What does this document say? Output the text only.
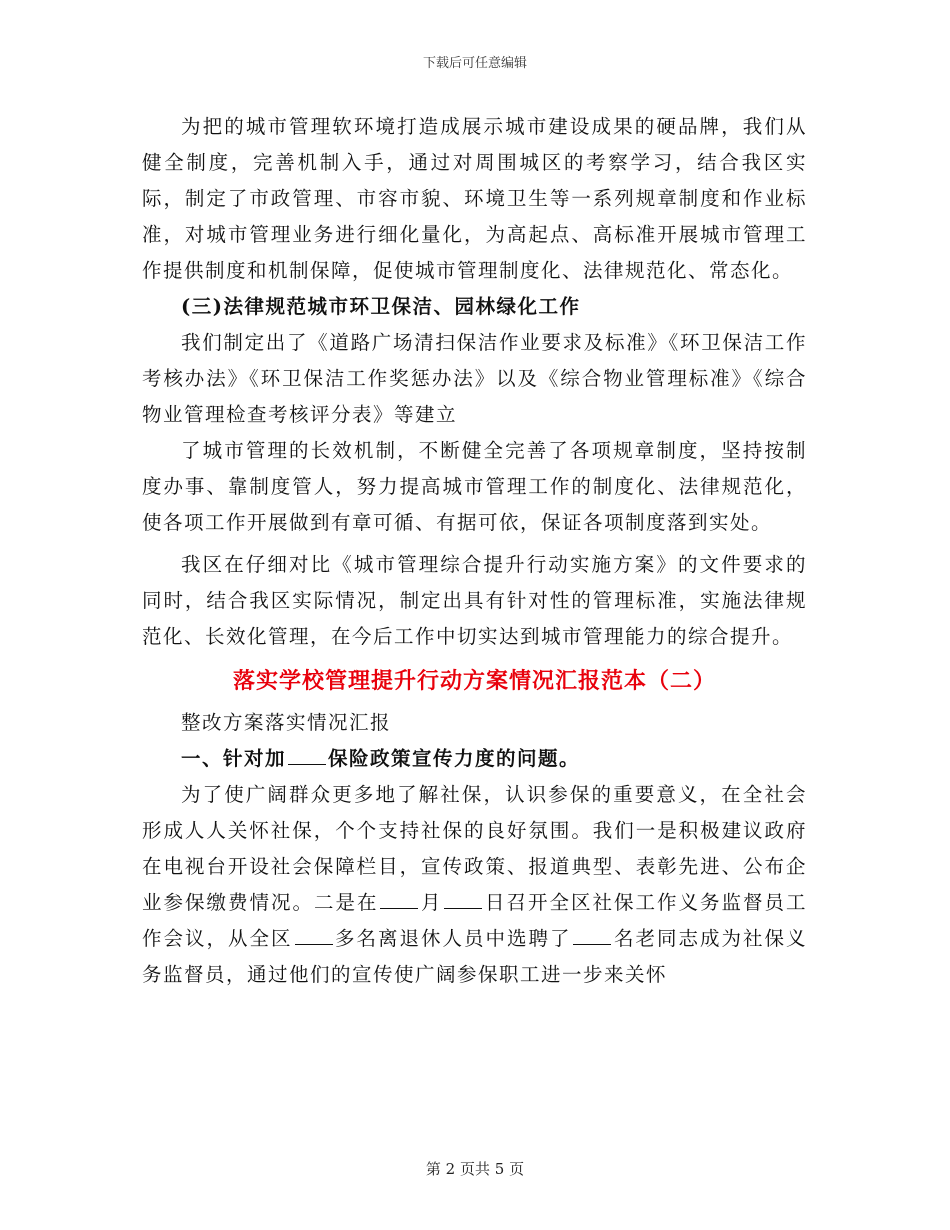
下载后可任意编辑

为把的城市管理软环境打造成展示城市建设成果的硬品牌，我们从健全制度，完善机制入手，通过对周围城区的考察学习，结合我区实际，制定了市政管理、市容市貌、环境卫生等一系列规章制度和作业标准，对城市管理业务进行细化量化，为高起点、高标准开展城市管理工作提供制度和机制保障，促使城市管理制度化、法律规范化、常态化。

(三)法律规范城市环卫保洁、园林绿化工作

我们制定出了《道路广场清扫保洁作业要求及标准》《环卫保洁工作考核办法》《环卫保洁工作奖惩办法》以及《综合物业管理标准》《综合物业管理检查考核评分表》等建立

了城市管理的长效机制，不断健全完善了各项规章制度，坚持按制度办事、靠制度管人，努力提高城市管理工作的制度化、法律规范化，使各项工作开展做到有章可循、有据可依，保证各项制度落到实处。

我区在仔细对比《城市管理综合提升行动实施方案》的文件要求的同时，结合我区实际情况，制定出具有针对性的管理标准，实施法律规范化、长效化管理，在今后工作中切实达到城市管理能力的综合提升。

落实学校管理提升行动方案情况汇报范本（二）

整改方案落实情况汇报

一、针对加 保险政策宣传力度的问题。

为了使广阔群众更多地了解社保，认识参保的重要意义，在全社会形成人人关怀社保，个个支持社保的良好氛围。我们一是积极建议政府在电视台开设社会保障栏目，宣传政策、报道典型、表彰先进、公布企业参保缴费情况。二是在 月 日召开全区社保工作义务监督员工作会议，从全区 多名离退休人员中选聘了 名老同志成为社保义务监督员，通过他们的宣传使广阔参保职工进一步来关怀

第 2 页共 5 页
